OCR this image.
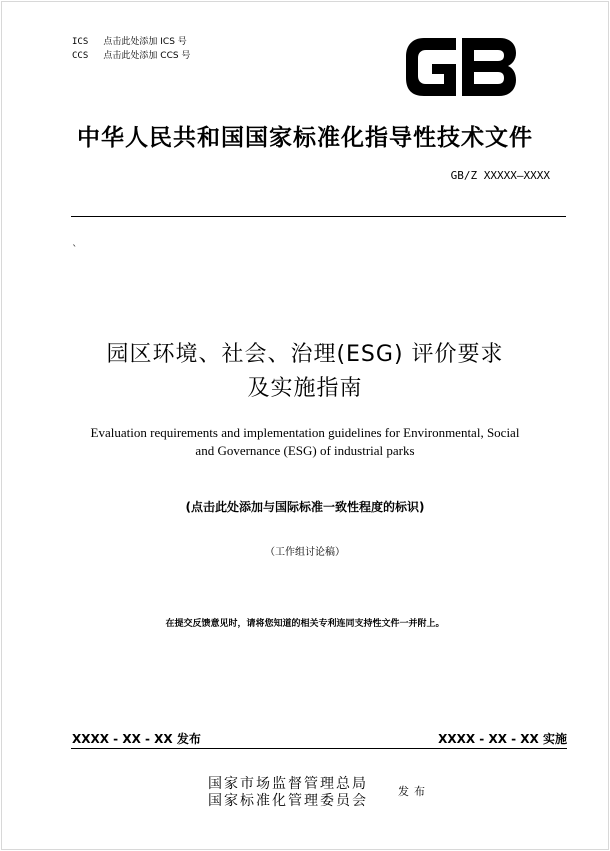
ICS 点击此处添加 ICS 号
CCS 点击此处添加 CCS 号
中华人民共和国国家标准化指导性技术文件
GB/Z XXXXX—XXXX
`
园区环境、社会、治理(ESG) 评价要求
及实施指南
Evaluation requirements and implementation guidelines for Environmental, Social
and Governance (ESG) of industrial parks
(点击此处添加与国际标准一致性程度的标识)
（工作组讨论稿）
在提交反馈意见时，请将您知道的相关专利连同支持性文件一并附上。
XXXX - XX - XX 发布	XXXX - XX - XX 实施
国家市场监督管理总局
国家标准化管理委员会
发布
